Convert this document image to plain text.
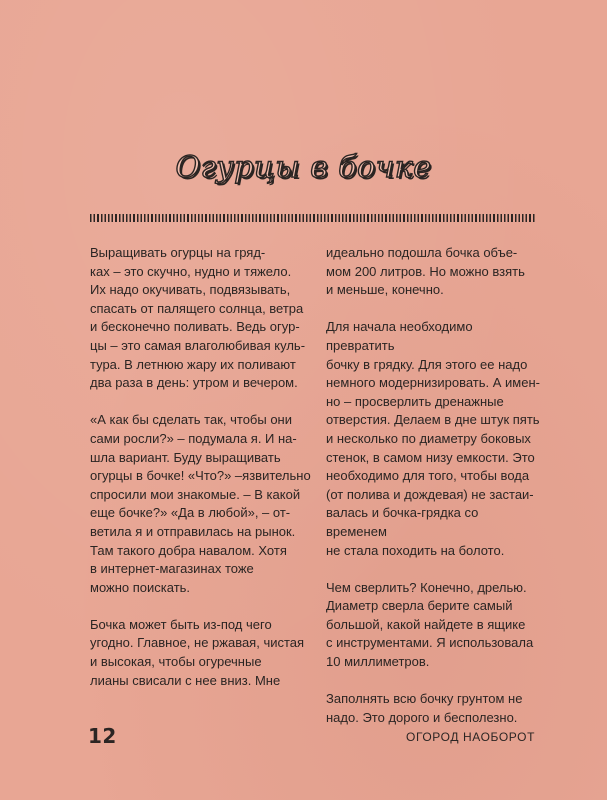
Огурцы в бочке

Выращивать огурцы на гряд-
ках – это скучно, нудно и тяжело.
Их надо окучивать, подвязывать,
спасать от палящего солнца, ветра
и бесконечно поливать. Ведь огур-
цы – это самая влаголюбивая куль-
тура. В летнюю жару их поливают
два раза в день: утром и вечером.

«А как бы сделать так, чтобы они
сами росли?» – подумала я. И на-
шла вариант. Буду выращивать
огурцы в бочке! «Что?» –язвительно
спросили мои знакомые. – В какой
еще бочке?» «Да в любой», – от-
ветила я и отправилась на рынок.
Там такого добра навалом. Хотя
в интернет-магазинах тоже
можно поискать.

Бочка может быть из-под чего
угодно. Главное, не ржавая, чистая
и высокая, чтобы огуречные
лианы свисали с нее вниз. Мне

идеально подошла бочка объе-
мом 200 литров. Но можно взять
и меньше, конечно.

Для начала необходимо превратить
бочку в грядку. Для этого ее надо
немного модернизировать. А имен-
но – просверлить дренажные
отверстия. Делаем в дне штук пять
и несколько по диаметру боковых
стенок, в самом низу емкости. Это
необходимо для того, чтобы вода
(от полива и дождевая) не застаи-
валась и бочка-грядка со временем
не стала походить на болото.

Чем сверлить? Конечно, дрелью.
Диаметр сверла берите самый
большой, какой найдете в ящике
с инструментами. Я использовала
10 миллиметров.

Заполнять всю бочку грунтом не
надо. Это дорого и бесполезно.

12	ОГОРОД НАОБОРОТ
